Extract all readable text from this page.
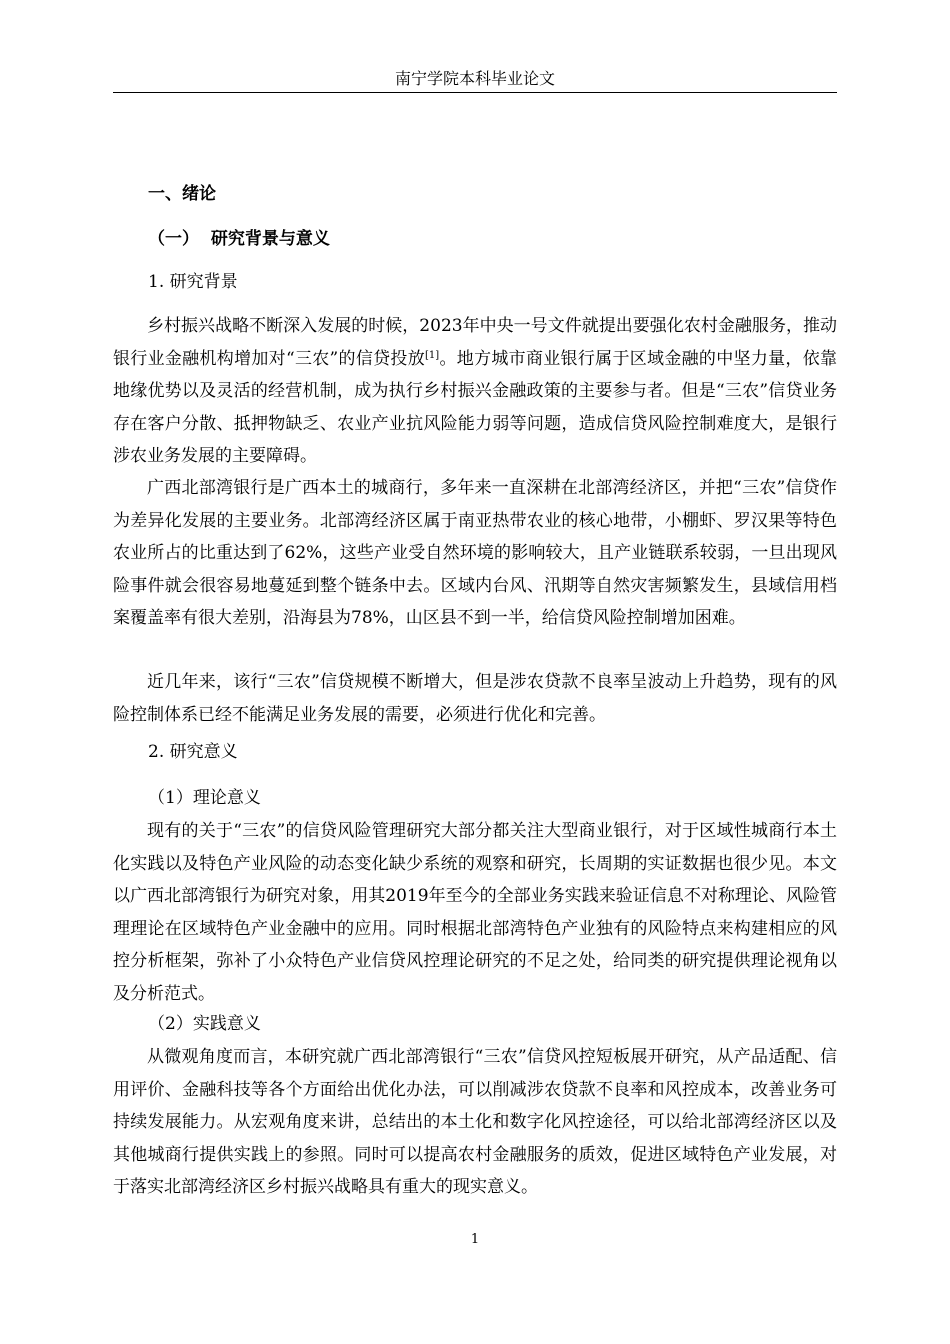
南宁学院本科毕业论文
一、绪论
（一）  研究背景与意义
1. 研究背景

乡村振兴战略不断深入发展的时候，2023年中央一号文件就提出要强化农村金融服务，推动银行业金融机构增加对“三农”的信贷投放[1]。地方城市商业银行属于区域金融的中坚力量，依靠地缘优势以及灵活的经营机制，成为执行乡村振兴金融政策的主要参与者。但是“三农”信贷业务存在客户分散、抵押物缺乏、农业产业抗风险能力弱等问题，造成信贷风险控制难度大，是银行涉农业务发展的主要障碍。

广西北部湾银行是广西本土的城商行，多年来一直深耕在北部湾经济区，并把“三农”信贷作为差异化发展的主要业务。北部湾经济区属于南亚热带农业的核心地带，小棚虾、罗汉果等特色农业所占的比重达到了62%，这些产业受自然环境的影响较大，且产业链联系较弱，一旦出现风险事件就会很容易地蔓延到整个链条中去。区域内台风、汛期等自然灾害频繁发生，县域信用档案覆盖率有很大差别，沿海县为78%，山区县不到一半，给信贷风险控制增加困难。

近几年来，该行“三农”信贷规模不断增大，但是涉农贷款不良率呈波动上升趋势，现有的风险控制体系已经不能满足业务发展的需要，必须进行优化和完善。

2. 研究意义
（1）理论意义

现有的关于“三农”的信贷风险管理研究大部分都关注大型商业银行，对于区域性城商行本土化实践以及特色产业风险的动态变化缺少系统的观察和研究，长周期的实证数据也很少见。本文以广西北部湾银行为研究对象，用其2019年至今的全部业务实践来验证信息不对称理论、风险管理理论在区域特色产业金融中的应用。同时根据北部湾特色产业独有的风险特点来构建相应的风控分析框架，弥补了小众特色产业信贷风控理论研究的不足之处，给同类的研究提供理论视角以及分析范式。

（2）实践意义

从微观角度而言，本研究就广西北部湾银行“三农”信贷风控短板展开研究，从产品适配、信用评价、金融科技等各个方面给出优化办法，可以削减涉农贷款不良率和风控成本，改善业务可持续发展能力。从宏观角度来讲，总结出的本土化和数字化风控途径，可以给北部湾经济区以及其他城商行提供实践上的参照。同时可以提高农村金融服务的质效，促进区域特色产业发展，对于落实北部湾经济区乡村振兴战略具有重大的现实意义。

1
